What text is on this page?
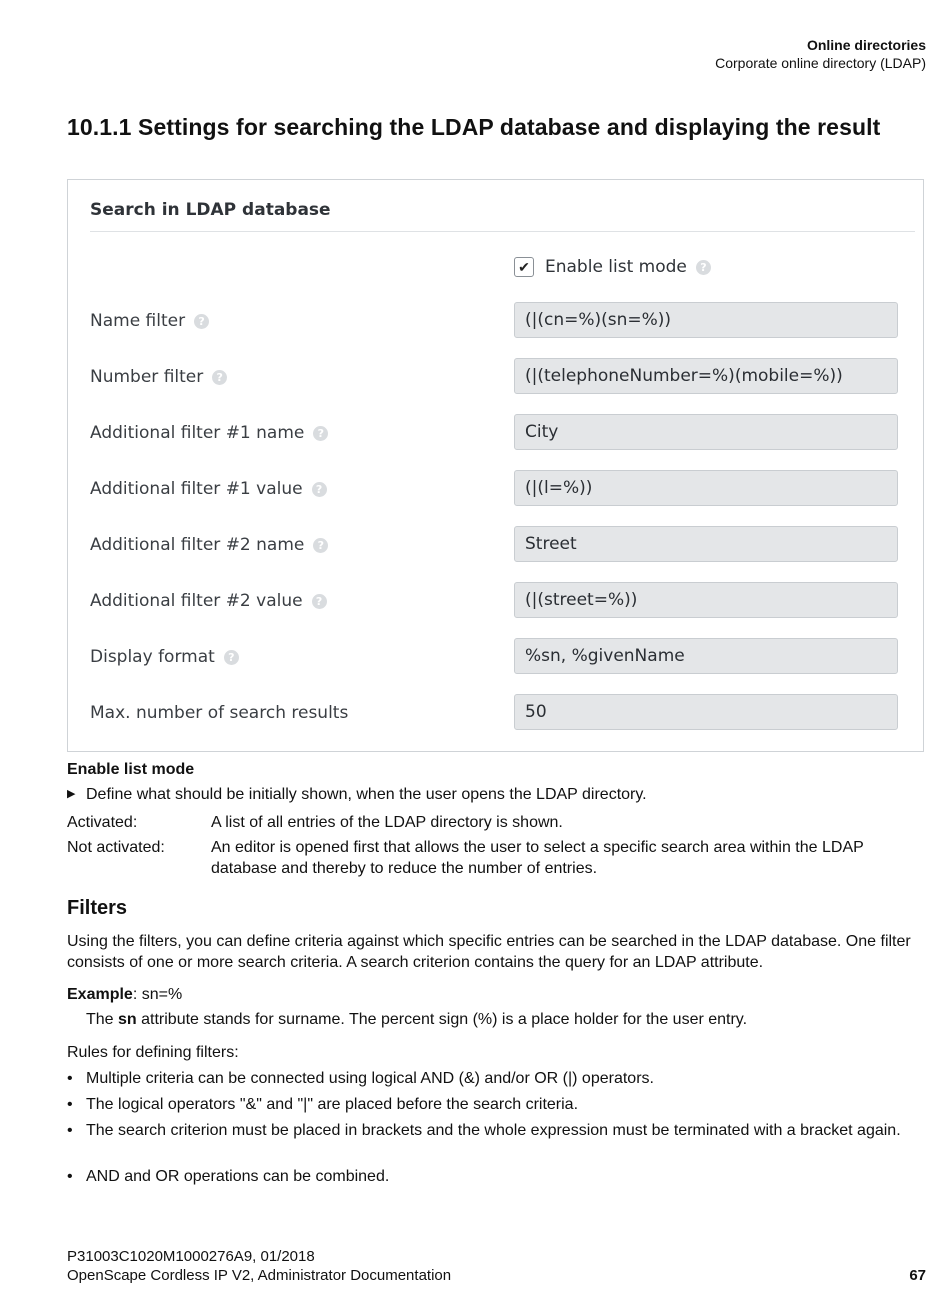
Online directories
Corporate online directory (LDAP)
10.1.1 Settings for searching the LDAP database and displaying the result
Search in LDAP database
✔ Enable list mode	?
Name filter	?	(|(cn=%)(sn=%))
Number filter	?	(|(telephoneNumber=%)(mobile=%))
Additional filter #1 name	?	City
Additional filter #1 value	?	(|(l=%))
Additional filter #2 name	?	Street
Additional filter #2 value	?	(|(street=%))
Display format	?	%sn, %givenName
Max. number of search results	50
Enable list mode
▶ Define what should be initially shown, when the user opens the LDAP directory.
Activated:	A list of all entries of the LDAP directory is shown.
Not activated:	An editor is opened first that allows the user to select a specific search area within the LDAP database and thereby to reduce the number of entries.
Filters
Using the filters, you can define criteria against which specific entries can be searched in the LDAP database. One filter consists of one or more search criteria. A search criterion contains the query for an LDAP attribute.
Example: sn=%
The sn attribute stands for surname. The percent sign (%) is a place holder for the user entry.
Rules for defining filters:
• Multiple criteria can be connected using logical AND (&) and/or OR (|) operators.
• The logical operators "&" and "|" are placed before the search criteria.
• The search criterion must be placed in brackets and the whole expression must be terminated with a bracket again.
• AND and OR operations can be combined.
P31003C1020M1000276A9, 01/2018
OpenScape Cordless IP V2, Administrator Documentation	67
